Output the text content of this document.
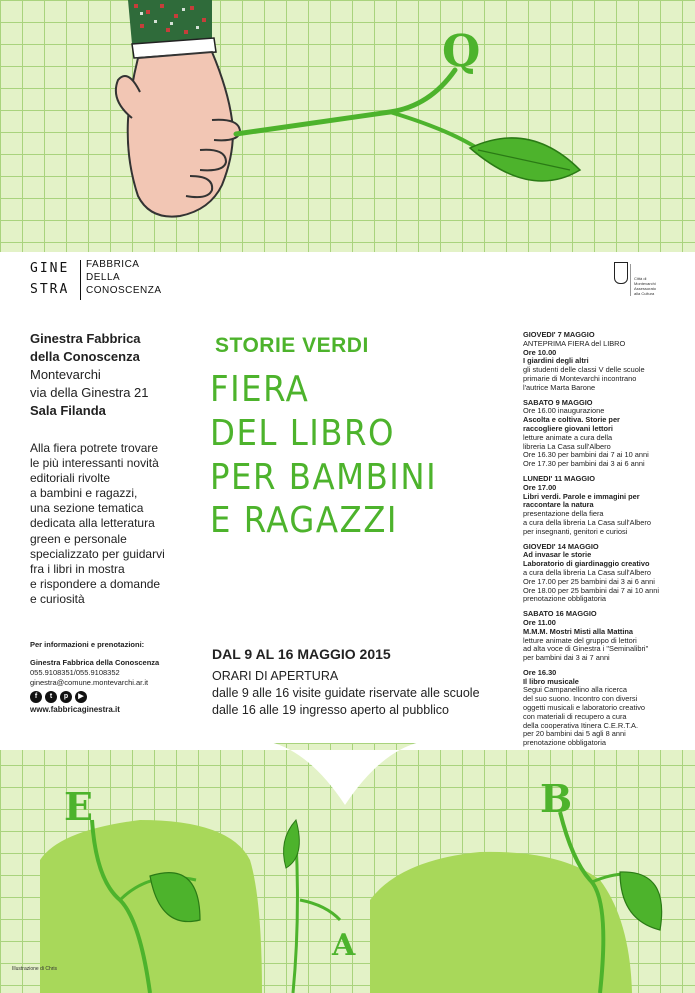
Q
E
A
B
GINE
STRA
FABBRICA
DELLA
CONOSCENZA
Città di
Montevarchi
Assessorato
alla Cultura
Ginestra Fabbrica
della Conoscenza
Montevarchi
via della Ginestra 21
Sala Filanda
Alla fiera potrete trovare
le più interessanti novità
editoriali rivolte
a bambini e ragazzi,
una sezione tematica
dedicata alla letteratura
green e personale
specializzato per guidarvi
fra i libri in mostra
e rispondere a domande
e curiosità
Per informazioni e prenotazioni:
Ginestra Fabbrica della Conoscenza
055.9108351/055.9108352
ginestra@comune.montevarchi.ar.it
f	t	p	▶
www.fabbricaginestra.it
STORIE VERDI
FIERA
DEL LIBRO
PER BAMBINI
E RAGAZZI
DAL 9 AL 16 MAGGIO 2015
ORARI DI APERTURA
dalle 9 alle 16 visite guidate riservate alle scuole
dalle 16 alle 19 ingresso aperto al pubblico
GIOVEDI' 7 MAGGIO
ANTEPRIMA FIERA del LIBRO
Ore 10.00
I giardini degli altri
gli studenti delle classi V delle scuole
primarie di Montevarchi incontrano
l'autrice Marta Barone
SABATO 9 MAGGIO
Ore 16.00 inaugurazione
Ascolta e coltiva. Storie per
raccogliere giovani lettori
letture animate a cura della
libreria La Casa sull'Albero
Ore 16.30 per bambini dai 7 ai 10 anni
Ore 17.30 per bambini dai 3 ai 6 anni
LUNEDI' 11 MAGGIO
Ore 17.00
Libri verdi. Parole e immagini per
raccontare la natura
presentazione della fiera
a cura della libreria La Casa sull'Albero
per insegnanti, genitori e curiosi
GIOVEDI' 14 MAGGIO
Ad invasar le storie
Laboratorio di giardinaggio creativo
a cura della libreria La Casa sull'Albero
Ore 17.00 per 25 bambini dai 3 ai 6 anni
Ore 18.00 per 25 bambini dai 7 ai 10 anni
prenotazione obbligatoria
SABATO 16 MAGGIO
Ore 11.00
M.M.M. Mostri Misti alla Mattina
letture animate del gruppo di lettori
ad alta voce di Ginestra i "Seminalibri"
per bambini dai 3 ai 7 anni
Ore 16.30
Il libro musicale
Segui Campanellino alla ricerca
del suo suono. Incontro con diversi
oggetti musicali e laboratorio creativo
con materiali di recupero a cura
della cooperativa Itinera C.E.R.T.A.
per 20 bambini dai 5 agli 8 anni
prenotazione obbligatoria
Illustrazione di Chris
